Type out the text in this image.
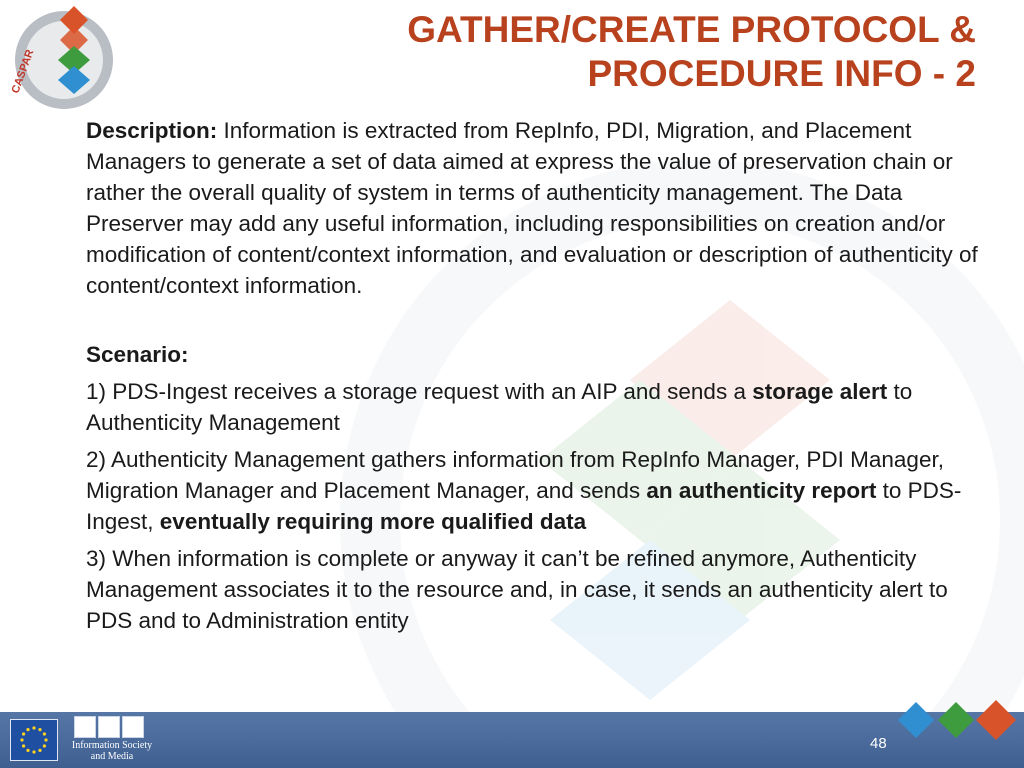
CASPAR
GATHER/CREATE PROTOCOL &
PROCEDURE INFO - 2

Description: Information is extracted from RepInfo, PDI, Migration, and Placement Managers to generate a set of data aimed at express the value of preservation chain or rather the overall quality of system in terms of authenticity management. The Data Preserver may add any useful information, including responsibilities on creation and/or modification of content/context information, and evaluation or description of authenticity of content/context information.

Scenario:

1) PDS-Ingest receives a storage request with an AIP and sends a storage alert to Authenticity Management

2) Authenticity Management gathers information from RepInfo Manager, PDI Manager, Migration Manager and Placement Manager, and sends an authenticity report to PDS-Ingest, eventually requiring more qualified data

3) When information is complete or anyway it can’t be refined anymore, Authenticity Management associates it to the resource and, in case, it sends an authenticity alert to PDS and to Administration entity

Information Society and Media
48
